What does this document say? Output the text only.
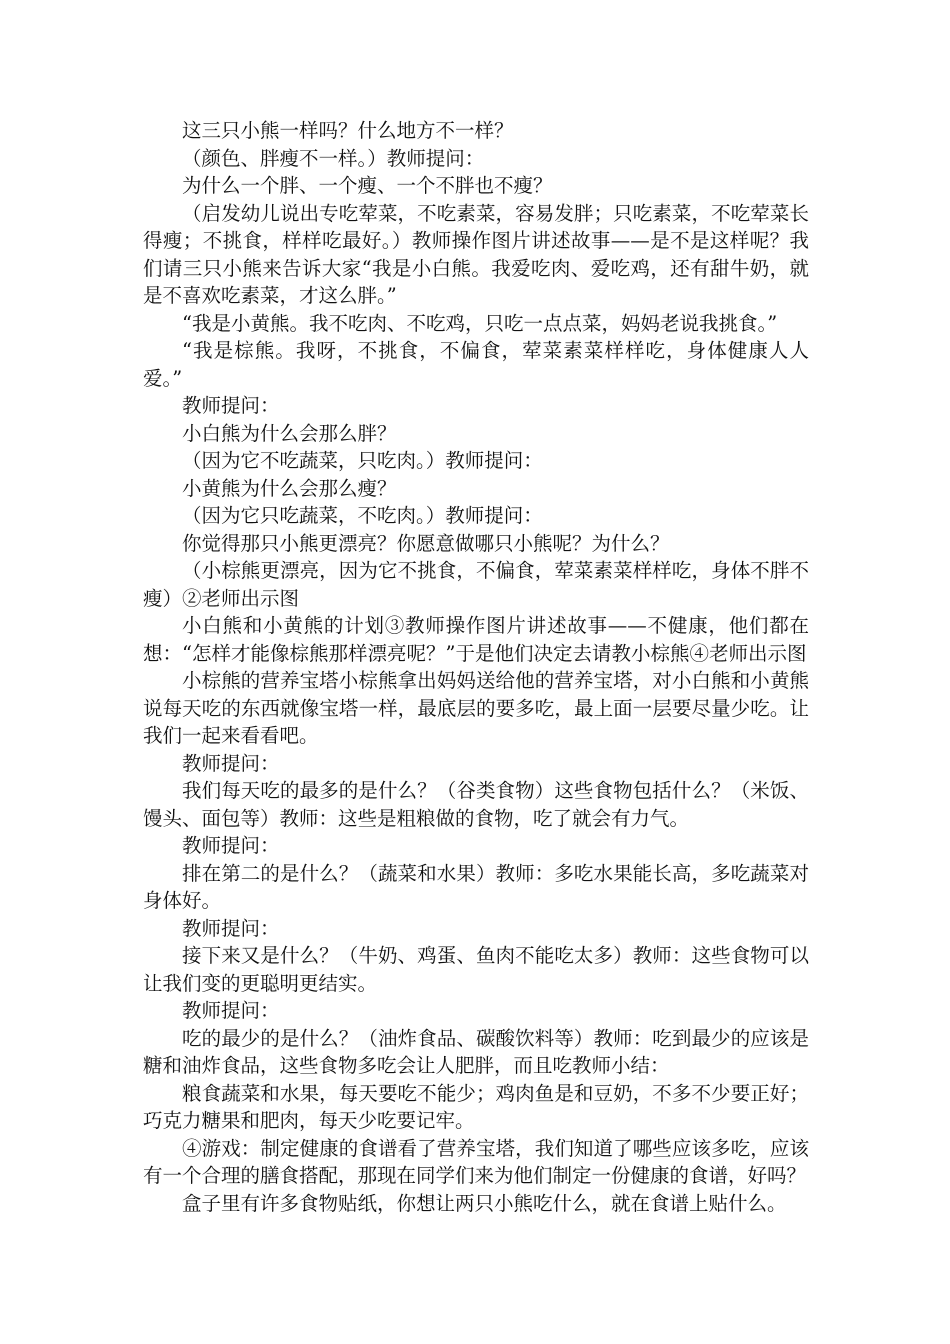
这三只小熊一样吗？什么地方不一样？

（颜色、胖瘦不一样。）教师提问：

为什么一个胖、一个瘦、一个不胖也不瘦？

（启发幼儿说出专吃荤菜，不吃素菜，容易发胖；只吃素菜，不吃荤菜长得瘦；不挑食，样样吃最好。）教师操作图片讲述故事——是不是这样呢？我们请三只小熊来告诉大家“我是小白熊。我爱吃肉、爱吃鸡，还有甜牛奶，就是不喜欢吃素菜，才这么胖。”

“我是小黄熊。我不吃肉、不吃鸡，只吃一点点菜，妈妈老说我挑食。”

“我是棕熊。我呀，不挑食，不偏食，荤菜素菜样样吃，身体健康人人爱。”

教师提问：

小白熊为什么会那么胖？

（因为它不吃蔬菜，只吃肉。）教师提问：

小黄熊为什么会那么瘦？

（因为它只吃蔬菜，不吃肉。）教师提问：

你觉得那只小熊更漂亮？你愿意做哪只小熊呢？为什么？

（小棕熊更漂亮，因为它不挑食，不偏食，荤菜素菜样样吃，身体不胖不瘦）②老师出示图

小白熊和小黄熊的计划③教师操作图片讲述故事——不健康，他们都在想：“怎样才能像棕熊那样漂亮呢？”于是他们决定去请教小棕熊④老师出示图

小棕熊的营养宝塔小棕熊拿出妈妈送给他的营养宝塔，对小白熊和小黄熊说每天吃的东西就像宝塔一样，最底层的要多吃，最上面一层要尽量少吃。让我们一起来看看吧。

教师提问：

我们每天吃的最多的是什么？（谷类食物）这些食物包括什么？（米饭、馒头、面包等）教师：这些是粗粮做的食物，吃了就会有力气。

教师提问：

排在第二的是什么？（蔬菜和水果）教师：多吃水果能长高，多吃蔬菜对身体好。

教师提问：

接下来又是什么？（牛奶、鸡蛋、鱼肉不能吃太多）教师：这些食物可以让我们变的更聪明更结实。

教师提问：

吃的最少的是什么？（油炸食品、碳酸饮料等）教师：吃到最少的应该是糖和油炸食品，这些食物多吃会让人肥胖，而且吃教师小结：

粮食蔬菜和水果，每天要吃不能少；鸡肉鱼是和豆奶，不多不少要正好；巧克力糖果和肥肉，每天少吃要记牢。

④游戏：制定健康的食谱看了营养宝塔，我们知道了哪些应该多吃，应该有一个合理的膳食搭配，那现在同学们来为他们制定一份健康的食谱，好吗？

盒子里有许多食物贴纸，你想让两只小熊吃什么，就在食谱上贴什么。
